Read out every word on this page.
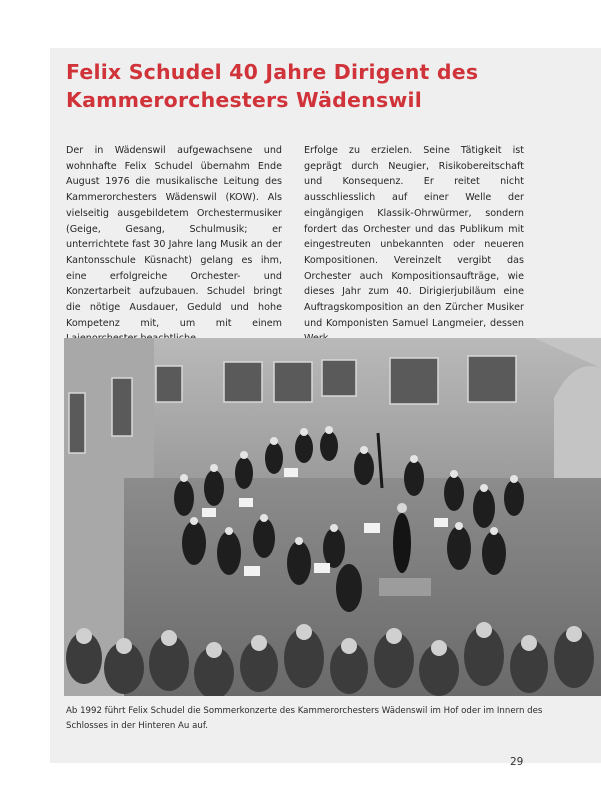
Felix Schudel 40 Jahre Dirigent des Kammerorchesters Wädenswil

Der in Wädenswil aufgewachsene und wohnhafte Felix Schudel übernahm Ende August 1976 die musikalische Leitung des Kammerorchesters Wädenswil (KOW). Als vielseitig ausgebildetem Orchestermusiker (Geige, Gesang, Schulmusik; er unterrichtete fast 30 Jahre lang Musik an der Kantonsschule Küsnacht) gelang es ihm, eine erfolgreiche Orchester- und Konzertarbeit aufzubauen. Schudel bringt die nötige Ausdauer, Geduld und hohe Kompetenz mit, um mit einem

Erfolge zu erzielen. Seine Tätigkeit ist geprägt durch Neugier, Risikobereitschaft und Konsequenz. Er reitet nicht ausschliesslich auf einer Welle der eingängigen Klassik-Ohrwürmer, sondern fordert das Orchester und das Publikum mit eingestreuten unbekannten oder neueren Kompositionen. Vereinzelt vergibt das Orchester auch Kompositionsaufträge, wie dieses Jahr zum 40. Dirigierjubiläum eine Auftragskomposition an den Zürcher Musiker und Komponisten Samuel Langmeier, dessen

Ab 1992 führt Felix Schudel die Sommerkonzerte des Kammerorchesters Wädenswil im Hof oder im Innern des Schlosses in der Hinteren Au auf.

29
